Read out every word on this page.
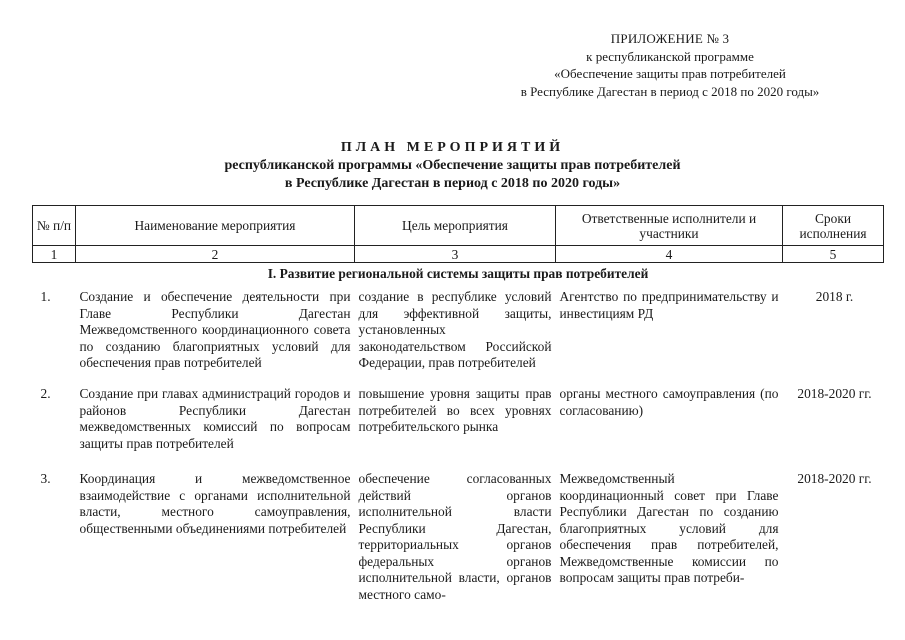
ПРИЛОЖЕНИЕ № 3
к республиканской программе
«Обеспечение защиты прав потребителей
в Республике Дагестан в период с 2018 по 2020 годы»
ПЛАН МЕРОПРИЯТИЙ
республиканской программы «Обеспечение защиты прав потребителей
в Республике Дагестан в период с 2018 по 2020 годы»
№ п/п	Наименование мероприятия	Цель мероприятия	Ответственные исполнители и участники	Сроки исполнения
1	2	3	4	5
I. Развитие региональной системы защиты прав потребителей				
1.	Создание и обеспечение деятельности при Главе Республики Дагестан Межведомственного координационного совета по созданию благоприятных условий для обеспечения прав потребителей	создание в республике условий для эффективной защиты, установленных законодательством Российской Федерации, прав потребителей	Агентство по предпринимательству и инвестициям РД	2018 г.
2.	Создание при главах администраций городов и районов Республики Дагестан межведомственных комиссий по вопросам защиты прав потребителей	повышение уровня защиты прав потребителей во всех уровнях потребительского рынка	органы местного самоуправления (по согласованию)	2018-2020 гг.
3.	Координация и межведомственное взаимодействие с органами исполнительной власти, местного самоуправления, общественными объединениями потребителей	обеспечение согласованных действий органов исполнительной власти Республики Дагестан, территориальных органов федеральных органов исполнительной власти, органов местного само-	Межведомственный координационный совет при Главе Республики Дагестан по созданию благоприятных условий для обеспечения прав потребителей, Межведомственные комиссии по вопросам защиты прав потреби-	2018-2020 гг.
